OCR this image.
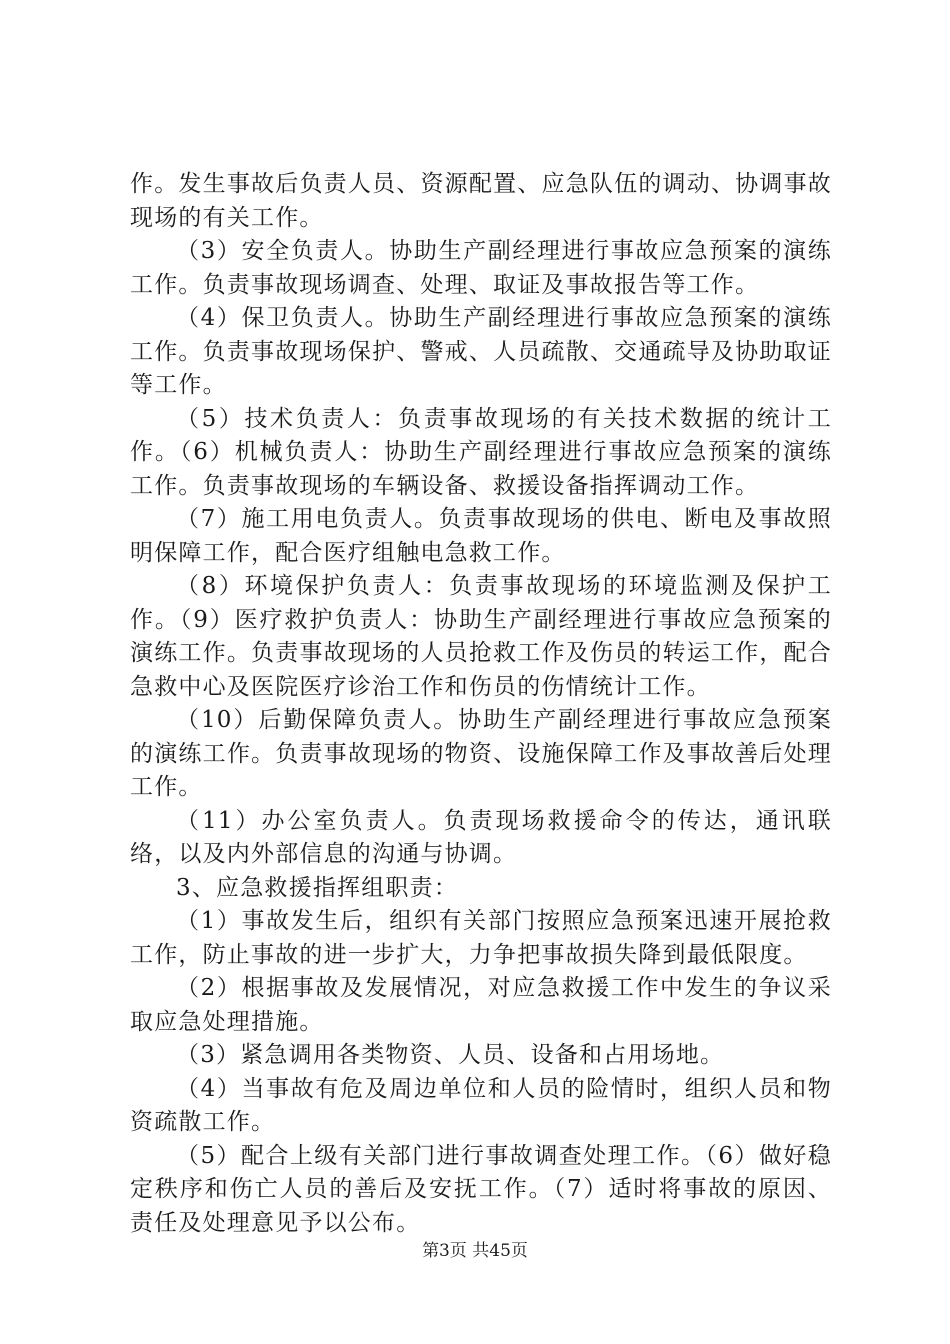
作。发生事故后负责人员、资源配置、应急队伍的调动、协调事故现场的有关工作。

（3）安全负责人。协助生产副经理进行事故应急预案的演练工作。负责事故现场调查、处理、取证及事故报告等工作。

（4）保卫负责人。协助生产副经理进行事故应急预案的演练工作。负责事故现场保护、警戒、人员疏散、交通疏导及协助取证等工作。

（5）技术负责人：负责事故现场的有关技术数据的统计工作。（6）机械负责人：协助生产副经理进行事故应急预案的演练工作。负责事故现场的车辆设备、救援设备指挥调动工作。

（7）施工用电负责人。负责事故现场的供电、断电及事故照明保障工作，配合医疗组触电急救工作。

（8）环境保护负责人：负责事故现场的环境监测及保护工作。（9）医疗救护负责人：协助生产副经理进行事故应急预案的演练工作。负责事故现场的人员抢救工作及伤员的转运工作，配合急救中心及医院医疗诊治工作和伤员的伤情统计工作。

（10）后勤保障负责人。协助生产副经理进行事故应急预案的演练工作。负责事故现场的物资、设施保障工作及事故善后处理工作。

（11）办公室负责人。负责现场救援命令的传达，通讯联络，以及内外部信息的沟通与协调。

3、应急救援指挥组职责：

（1）事故发生后，组织有关部门按照应急预案迅速开展抢救工作，防止事故的进一步扩大，力争把事故损失降到最低限度。

（2）根据事故及发展情况，对应急救援工作中发生的争议采取应急处理措施。

（3）紧急调用各类物资、人员、设备和占用场地。

（4）当事故有危及周边单位和人员的险情时，组织人员和物资疏散工作。

（5）配合上级有关部门进行事故调查处理工作。（6）做好稳定秩序和伤亡人员的善后及安抚工作。（7）适时将事故的原因、责任及处理意见予以公布。

第3页 共45页
